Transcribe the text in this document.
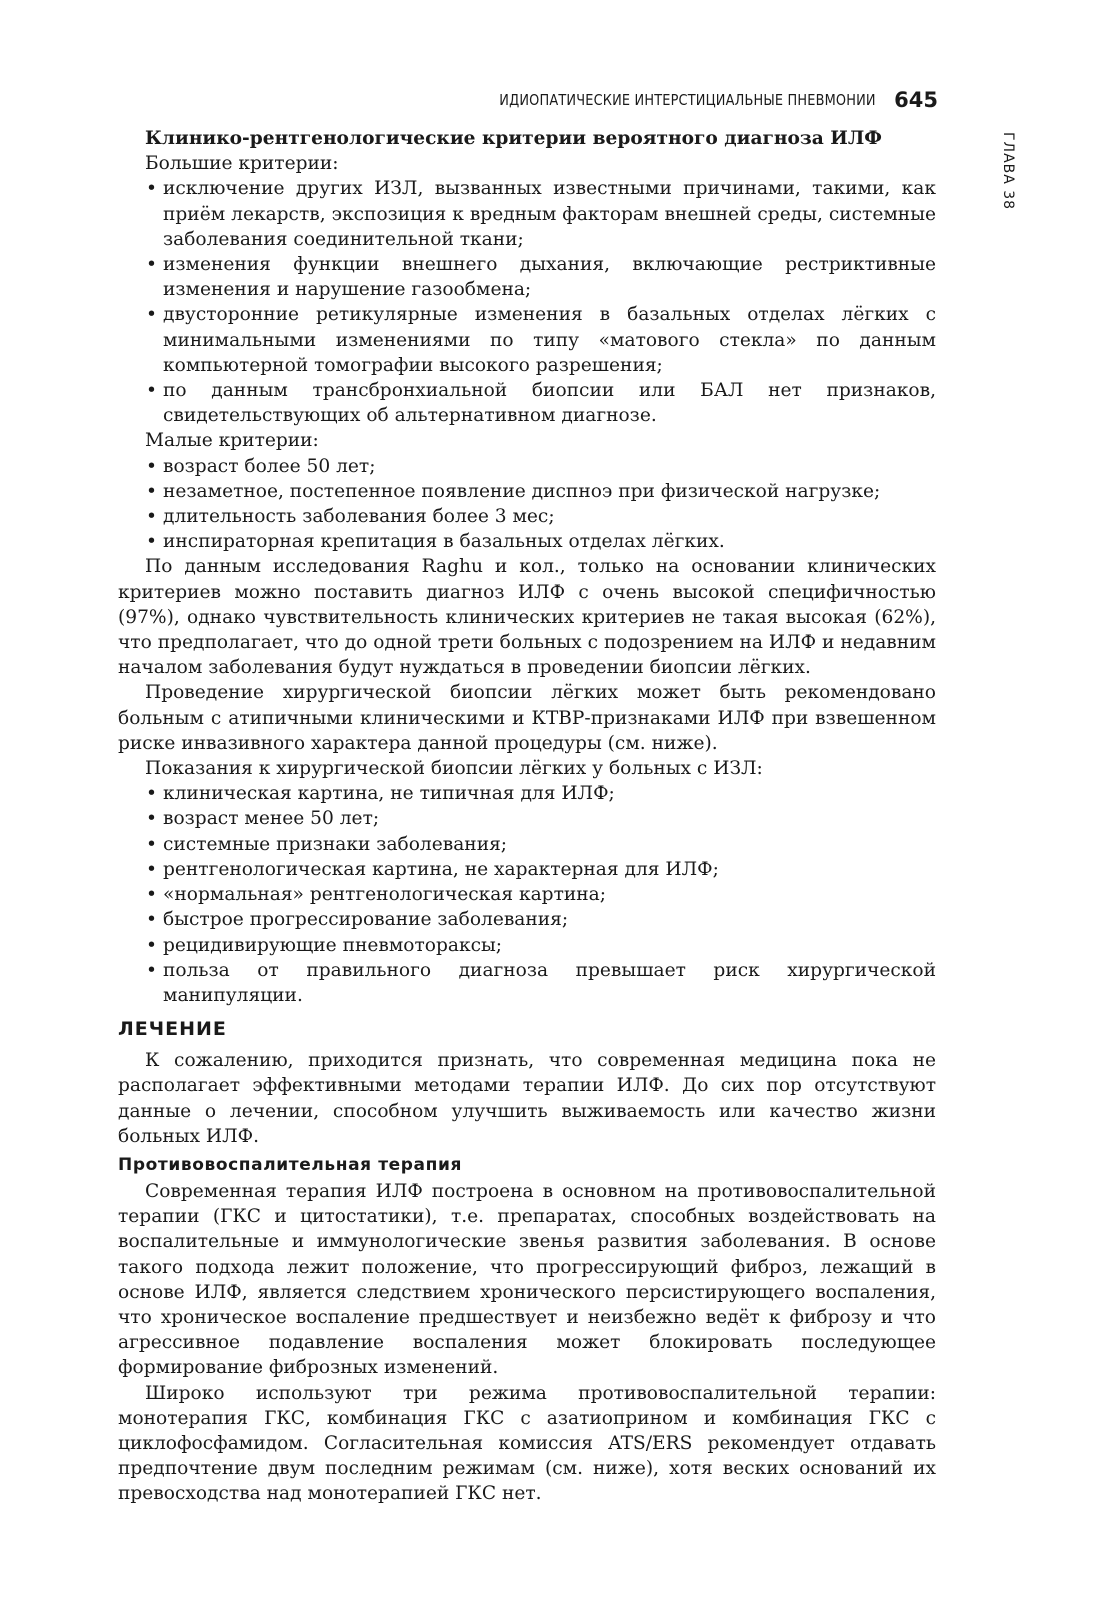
ИДИОПАТИЧЕСКИЕ ИНТЕРСТИЦИАЛЬНЫЕ ПНЕВМОНИИ 645
ГЛАВА 38

Клинико-рентгенологические критерии вероятного диагноза ИЛФ

Большие критерии:

• исключение других ИЗЛ, вызванных известными причинами, такими, как приём лекарств, экспозиция к вредным факторам внешней среды, системные заболевания соединительной ткани;

• изменения функции внешнего дыхания, включающие рестриктивные изменения и нарушение газообмена;

• двусторонние ретикулярные изменения в базальных отделах лёгких с минимальными изменениями по типу «матового стекла» по данным компьютерной томографии высокого разрешения;

• по данным трансбронхиальной биопсии или БАЛ нет признаков, свидетельствующих об альтернативном диагнозе.

Малые критерии:

• возраст более 50 лет;

• незаметное, постепенное появление диспноэ при физической нагрузке;

• длительность заболевания более 3 мес;

• инспираторная крепитация в базальных отделах лёгких.

По данным исследования Raghu и кол., только на основании клинических критериев можно поставить диагноз ИЛФ с очень высокой специфичностью (97%), однако чувствительность клинических критериев не такая высокая (62%), что предполагает, что до одной трети больных с подозрением на ИЛФ и недавним началом заболевания будут нуждаться в проведении биопсии лёгких.

Проведение хирургической биопсии лёгких может быть рекомендовано больным с атипичными клиническими и КТВР-признаками ИЛФ при взвешенном риске инвазивного характера данной процедуры (см. ниже).

Показания к хирургической биопсии лёгких у больных с ИЗЛ:

• клиническая картина, не типичная для ИЛФ;

• возраст менее 50 лет;

• системные признаки заболевания;

• рентгенологическая картина, не характерная для ИЛФ;

• «нормальная» рентгенологическая картина;

• быстрое прогрессирование заболевания;

• рецидивирующие пневмотораксы;

• польза от правильного диагноза превышает риск хирургической манипуляции.

ЛЕЧЕНИЕ

К сожалению, приходится признать, что современная медицина пока не располагает эффективными методами терапии ИЛФ. До сих пор отсутствуют данные о лечении, способном улучшить выживаемость или качество жизни больных ИЛФ.

Противовоспалительная терапия

Современная терапия ИЛФ построена в основном на противовоспалительной терапии (ГКС и цитостатики), т.е. препаратах, способных воздействовать на воспалительные и иммунологические звенья развития заболевания. В основе такого подхода лежит положение, что прогрессирующий фиброз, лежащий в основе ИЛФ, является следствием хронического персистирующего воспаления, что хроническое воспаление предшествует и неизбежно ведёт к фиброзу и что агрессивное подавление воспаления может блокировать последующее формирование фиброзных изменений.

Широко используют три режима противовоспалительной терапии: монотерапия ГКС, комбинация ГКС с азатиоприном и комбинация ГКС с циклофосфамидом. Согласительная комиссия ATS/ERS рекомендует отдавать предпочтение двум последним режимам (см. ниже), хотя веских оснований их превосходства над монотерапией ГКС нет.
